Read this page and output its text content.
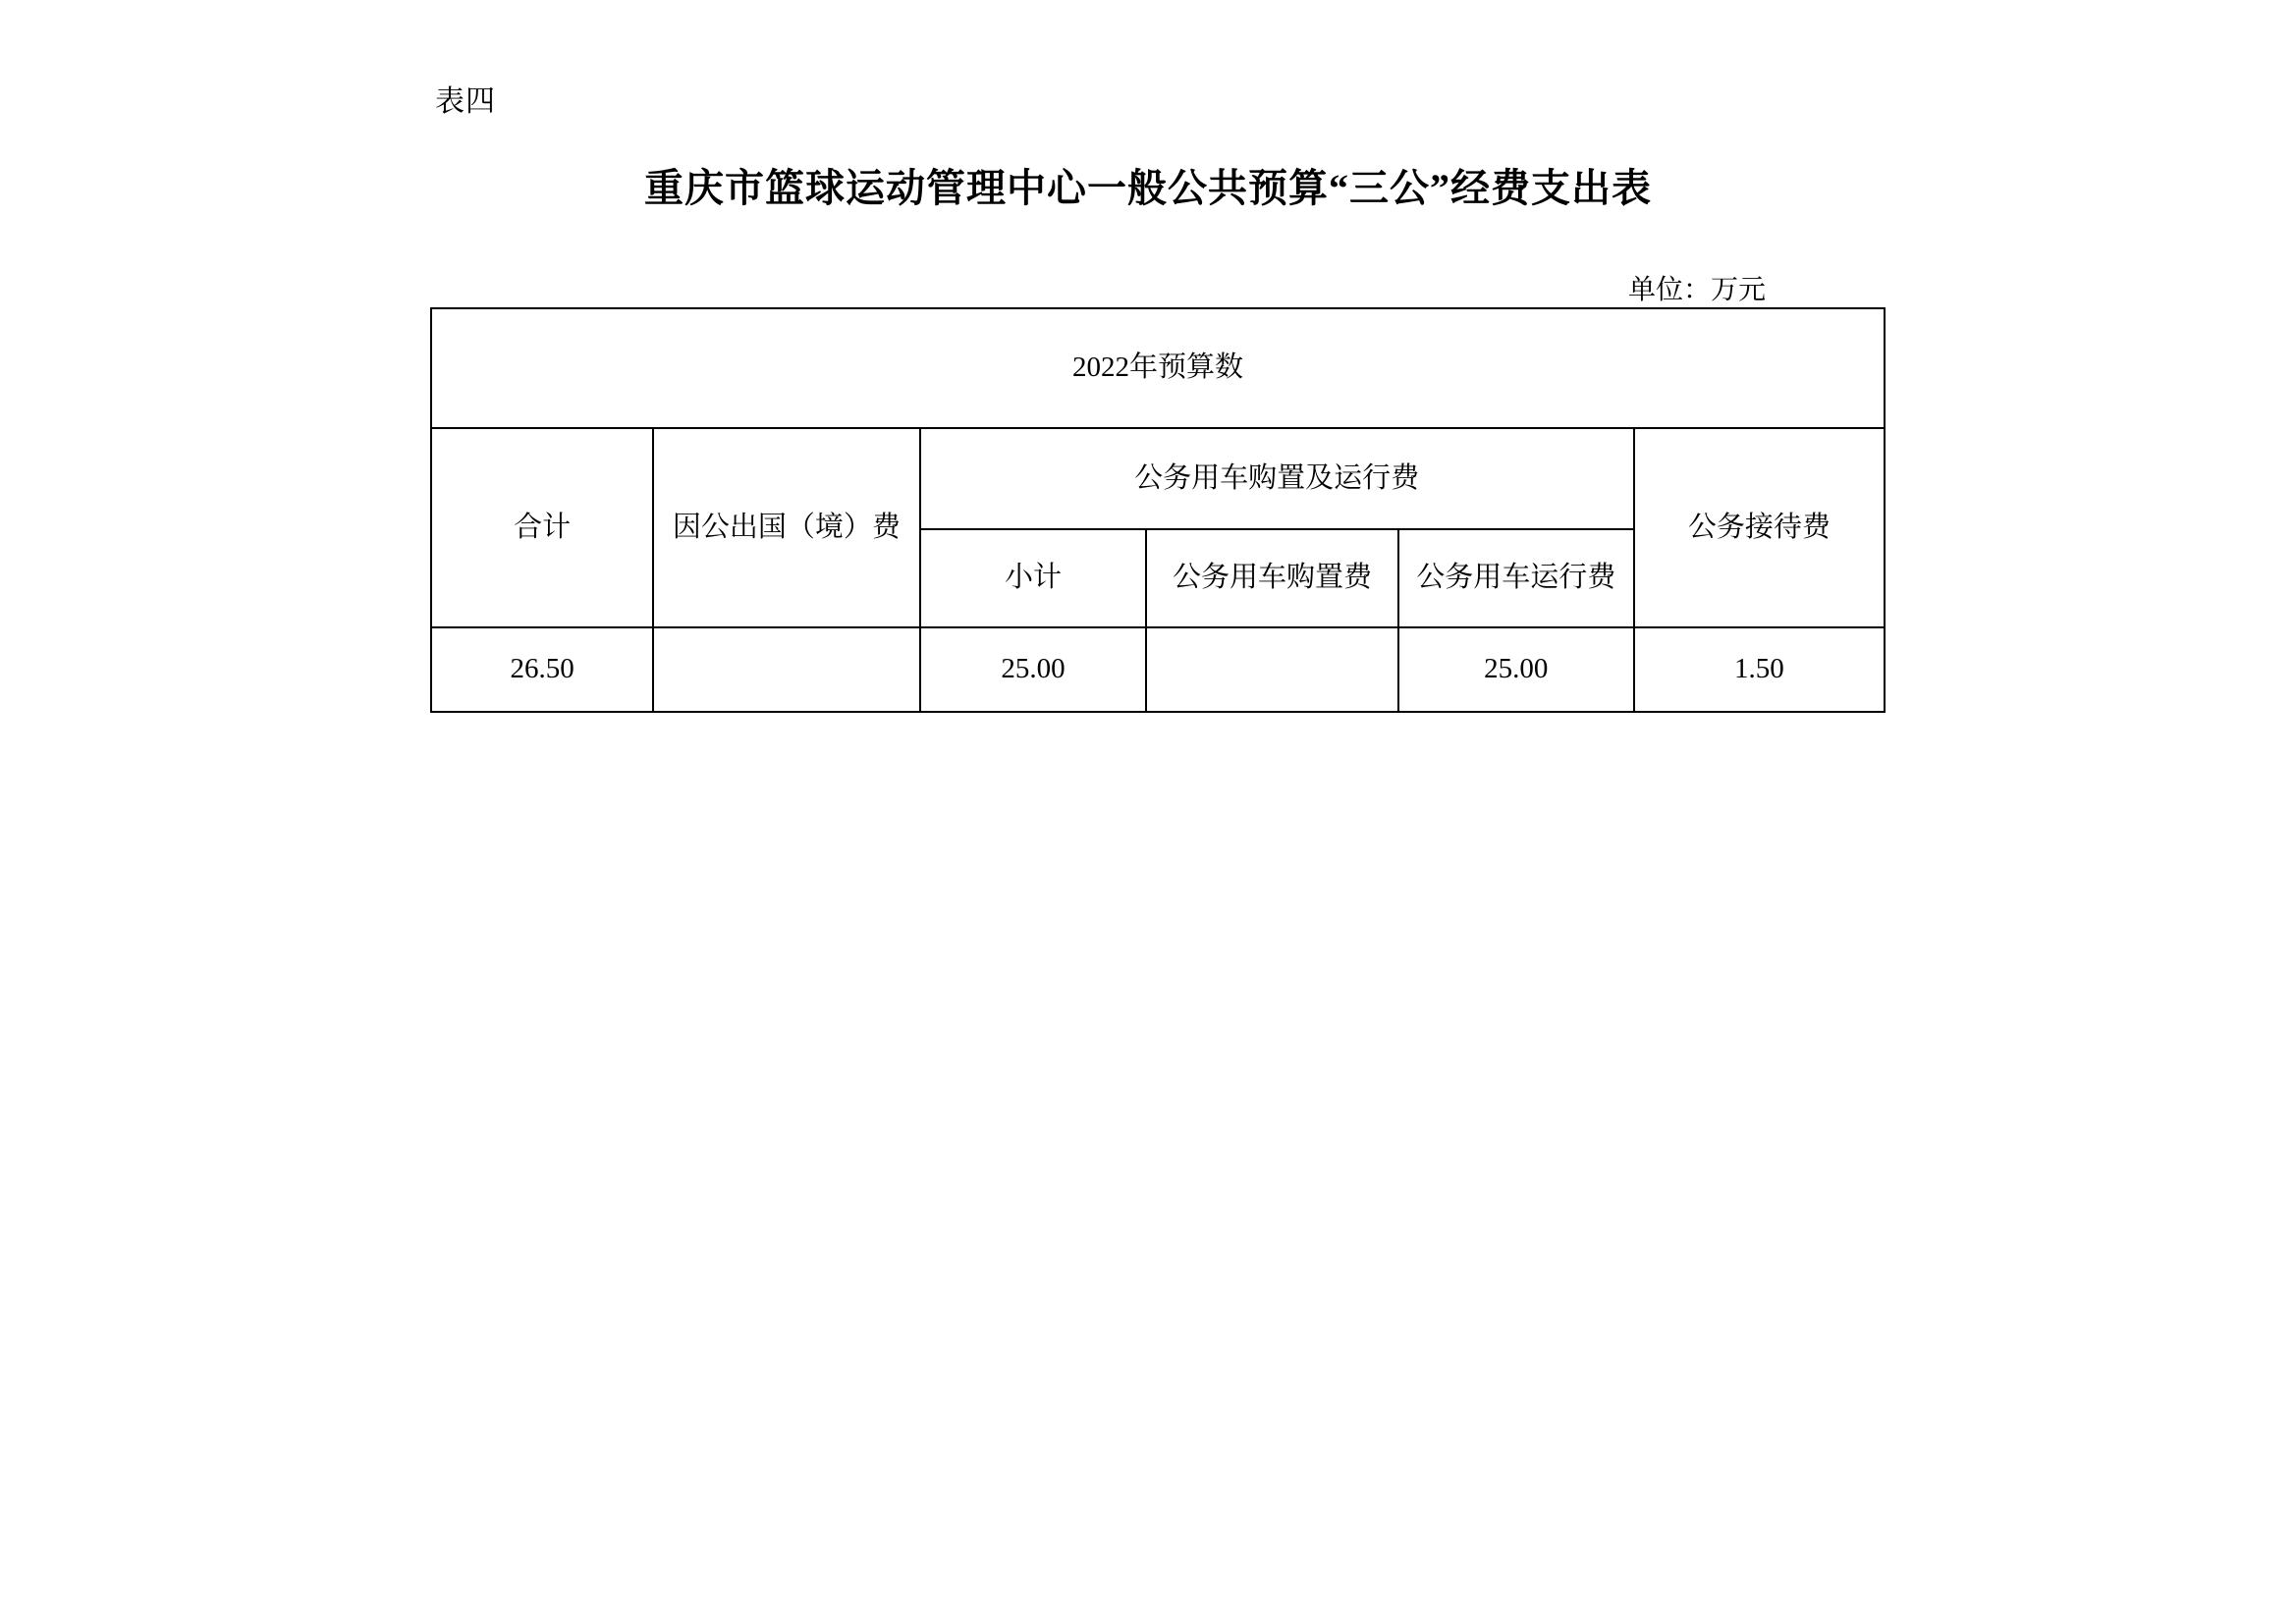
表四
重庆市篮球运动管理中心一般公共预算“三公”经费支出表
单位：万元
2022年预算数					
合计	因公出国（境）费	公务用车购置及运行费			公务接待费
		小计	公务用车购置费	公务用车运行费	
26.50		25.00		25.00	1.50
